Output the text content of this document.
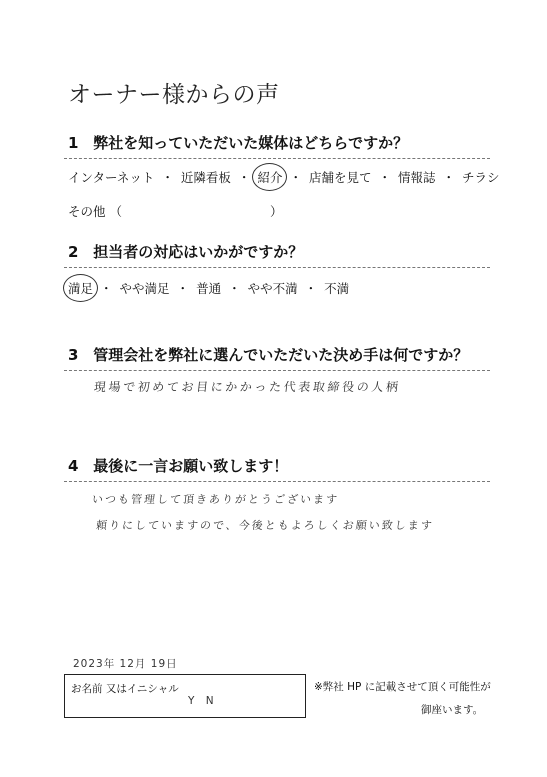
オーナー様からの声
1 弊社を知っていただいた媒体はどちらですか？
インターネット ・ 近隣看板 ・ 紹介 ・ 店舗を見て ・ 情報誌 ・ チラシ
その他 （	）
2 担当者の対応はいかがですか？
満足 ・ やや満足 ・ 普通 ・ やや不満 ・ 不満
3 管理会社を弊社に選んでいただいた決め手は何ですか？
現場で初めてお目にかかった代表取締役の人柄
4 最後に一言お願い致します！
いつも管理して頂きありがとうございます
頼りにしていますので、今後ともよろしくお願い致します
2023年 12月 19日
お名前 又はイニシャル
Y N
※弊社 HP に記載させて頂く可能性が
御座います。
